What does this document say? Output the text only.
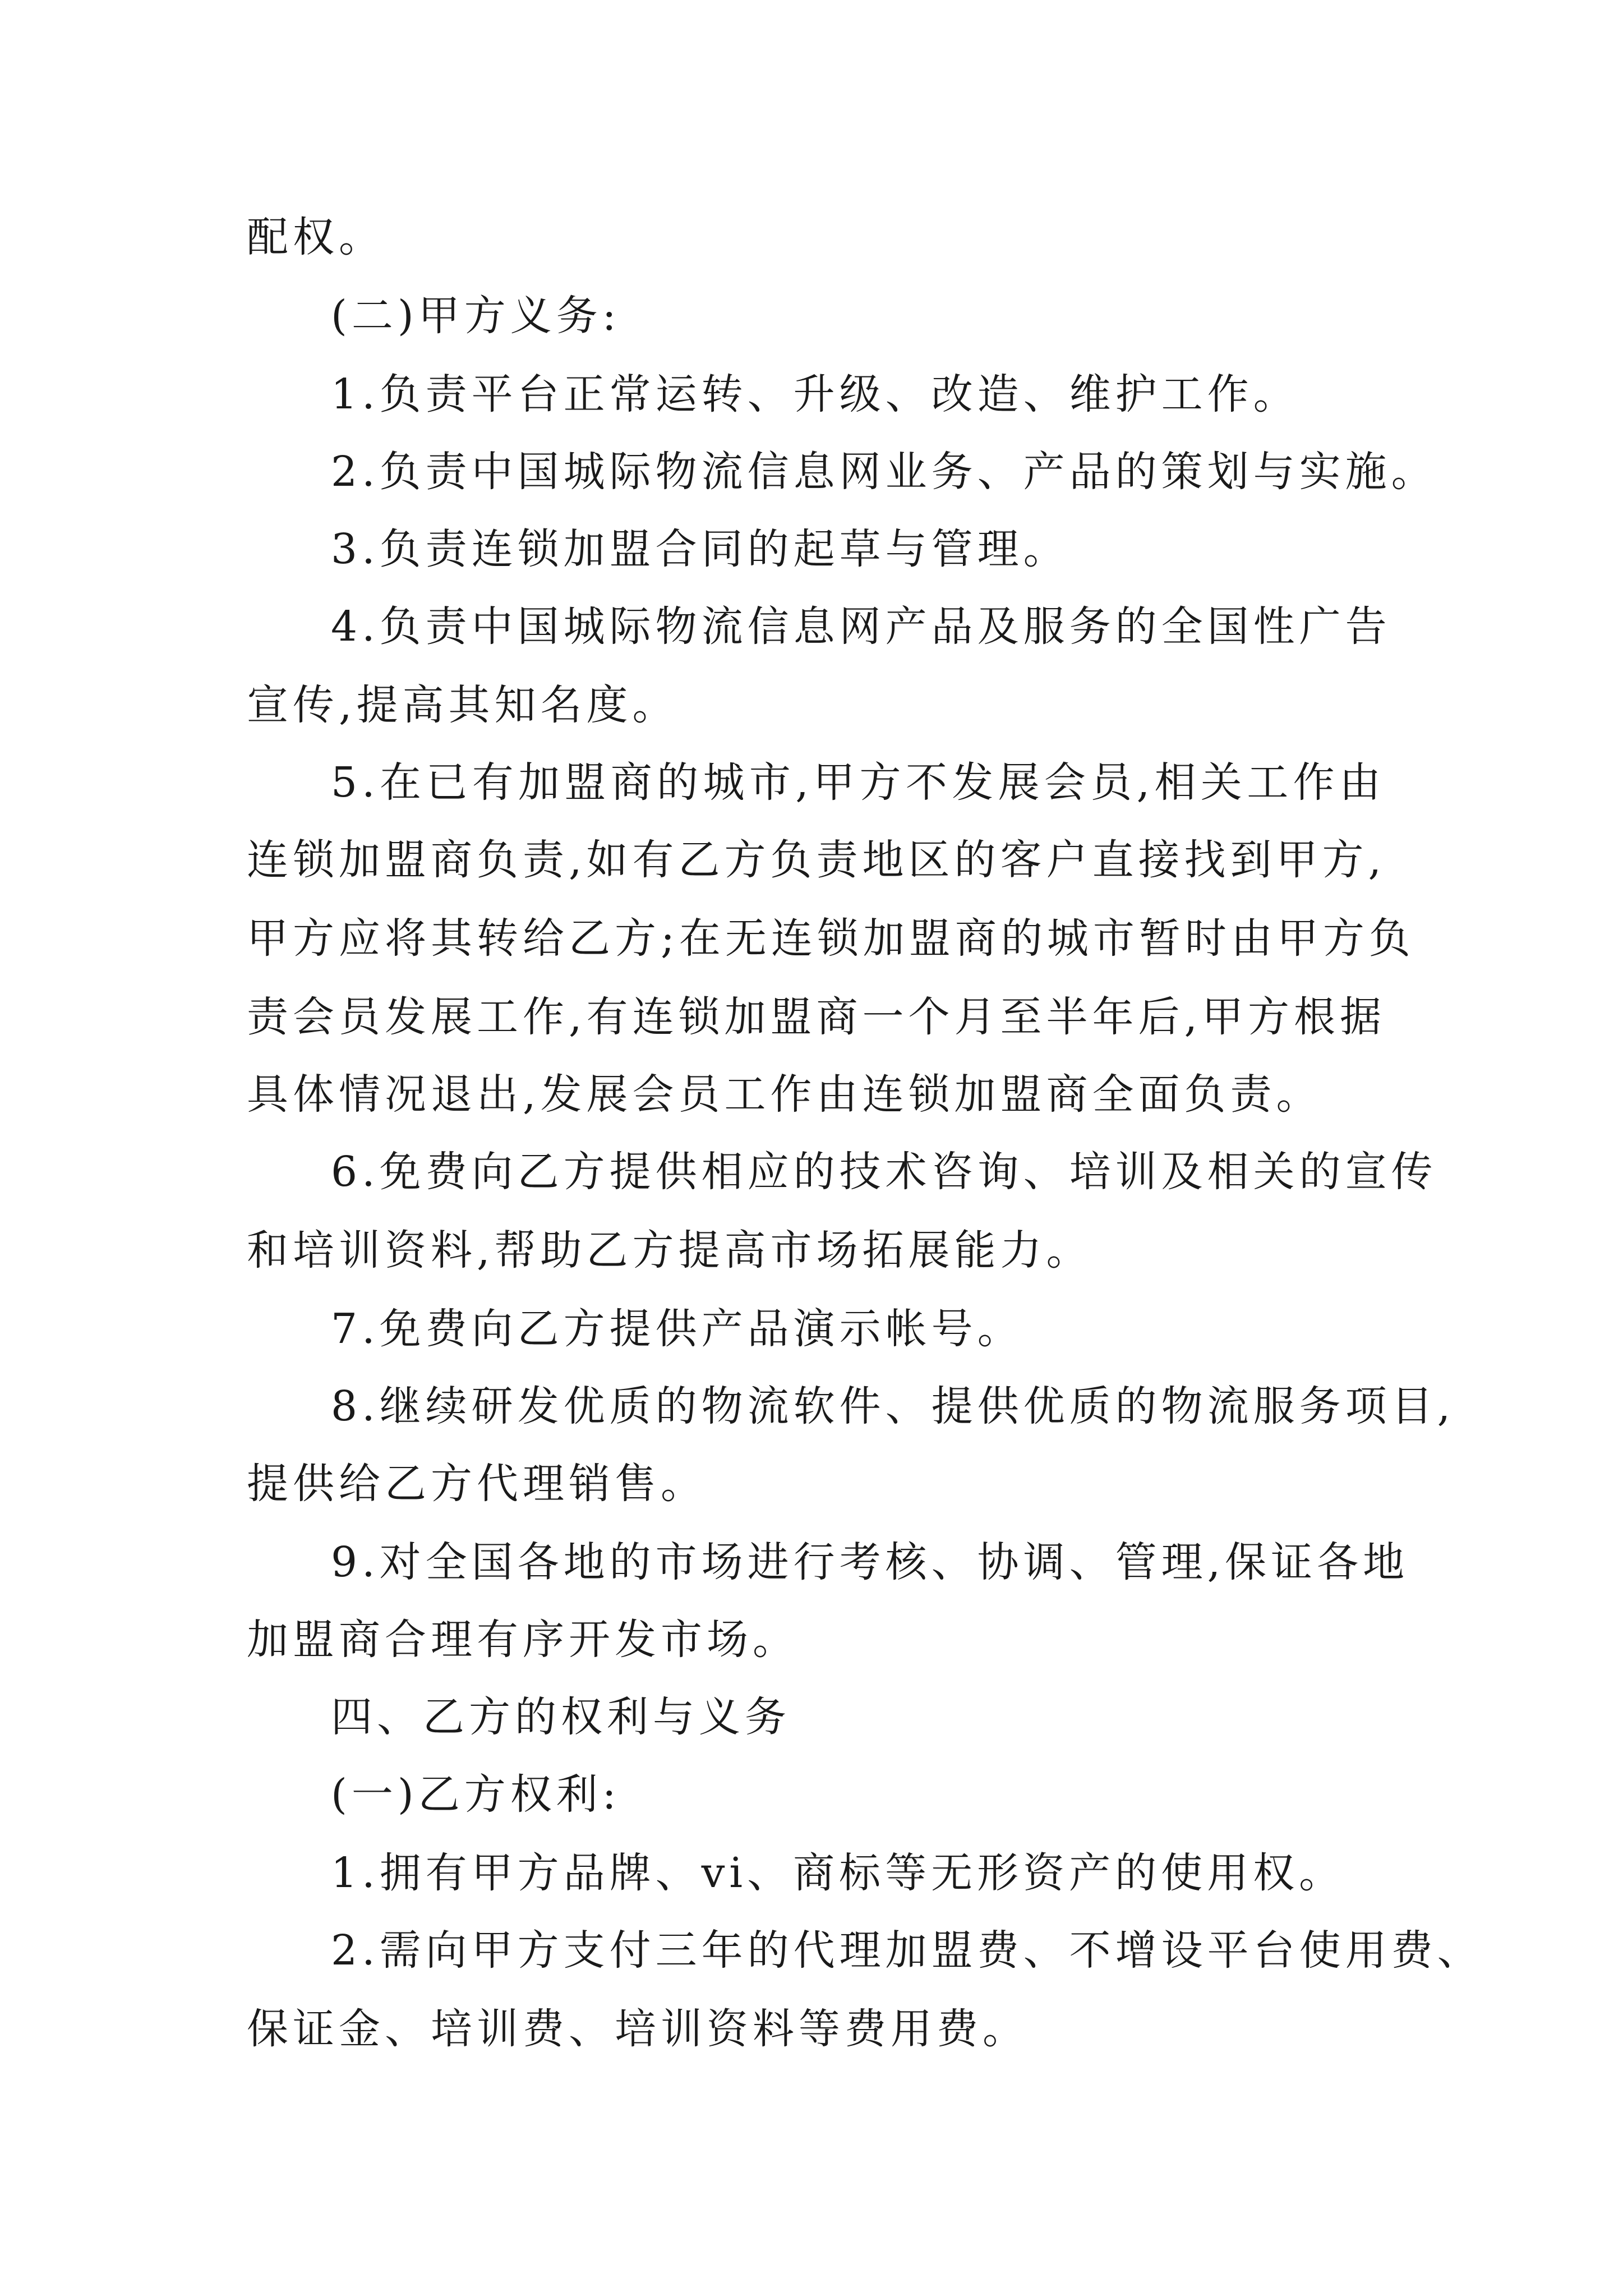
配权。
(二)甲方义务:
1.负责平台正常运转、升级、改造、维护工作。
2.负责中国城际物流信息网业务、产品的策划与实施。
3.负责连锁加盟合同的起草与管理。
4.负责中国城际物流信息网产品及服务的全国性广告
宣传,提高其知名度。
5.在已有加盟商的城市,甲方不发展会员,相关工作由
连锁加盟商负责,如有乙方负责地区的客户直接找到甲方,
甲方应将其转给乙方;在无连锁加盟商的城市暂时由甲方负
责会员发展工作,有连锁加盟商一个月至半年后,甲方根据
具体情况退出,发展会员工作由连锁加盟商全面负责。
6.免费向乙方提供相应的技术咨询、培训及相关的宣传
和培训资料,帮助乙方提高市场拓展能力。
7.免费向乙方提供产品演示帐号。
8.继续研发优质的物流软件、提供优质的物流服务项目,
提供给乙方代理销售。
9.对全国各地的市场进行考核、协调、管理,保证各地
加盟商合理有序开发市场。
四、乙方的权利与义务
(一)乙方权利:
1.拥有甲方品牌、vi、商标等无形资产的使用权。
2.需向甲方支付三年的代理加盟费、不增设平台使用费、
保证金、培训费、培训资料等费用费。
